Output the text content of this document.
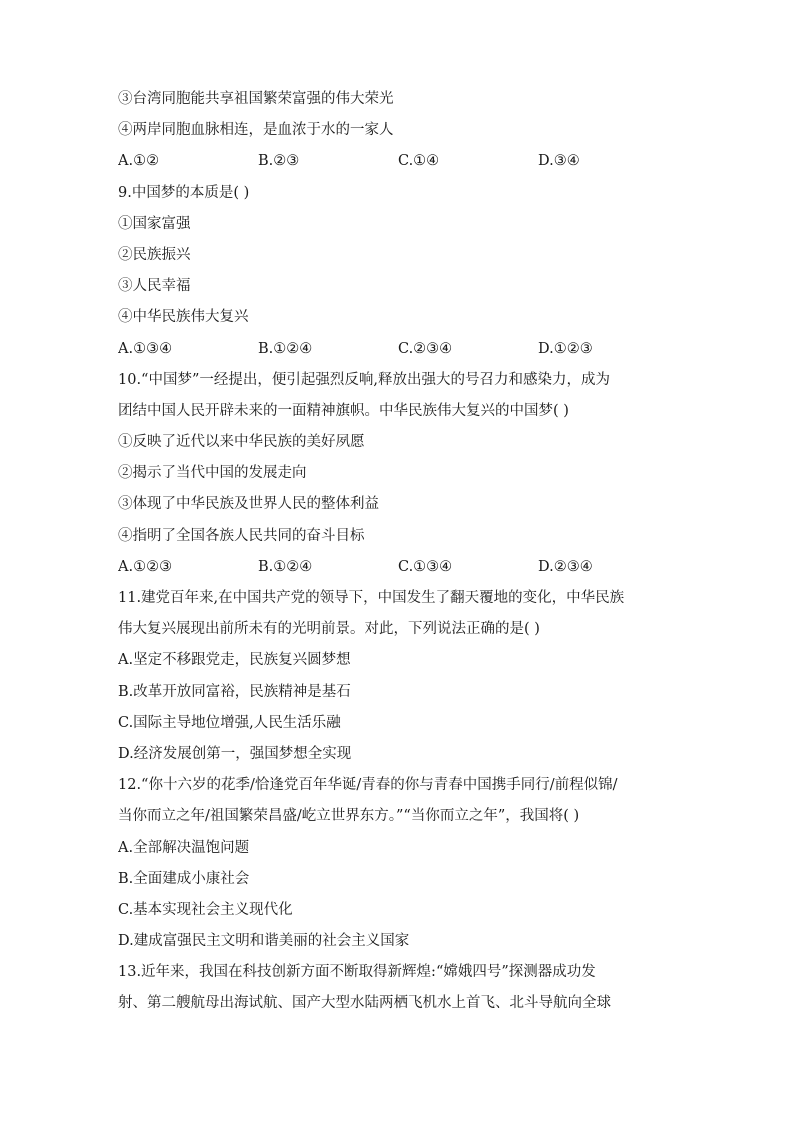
③台湾同胞能共享祖国繁荣富强的伟大荣光
④两岸同胞血脉相连，是血浓于水的一家人
A.①②	B.②③	C.①④	D.③④
9.中国梦的本质是( )
①国家富强
②民族振兴
③人民幸福
④中华民族伟大复兴
A.①③④	B.①②④	C.②③④	D.①②③
10.“中国梦”一经提出，便引起强烈反响,释放出强大的号召力和感染力，成为
团结中国人民开辟未来的一面精神旗帜。中华民族伟大复兴的中国梦( )
①反映了近代以来中华民族的美好夙愿
②揭示了当代中国的发展走向
③体现了中华民族及世界人民的整体利益
④指明了全国各族人民共同的奋斗目标
A.①②③	B.①②④	C.①③④	D.②③④
11.建党百年来,在中国共产党的领导下，中国发生了翻天覆地的变化，中华民族
伟大复兴展现出前所未有的光明前景。对此，下列说法正确的是( )
A.坚定不移跟党走，民族复兴圆梦想
B.改革开放同富裕，民族精神是基石
C.国际主导地位增强,人民生活乐融
D.经济发展创第一，强国梦想全实现
12.“你十六岁的花季/恰逢党百年华诞/青春的你与青春中国携手同行/前程似锦/
当你而立之年/祖国繁荣昌盛/屹立世界东方。”“当你而立之年”，我国将( )
A.全部解决温饱问题
B.全面建成小康社会
C.基本实现社会主义现代化
D.建成富强民主文明和谐美丽的社会主义国家
13.近年来，我国在科技创新方面不断取得新辉煌:“嫦娥四号”探测器成功发
射、第二艘航母出海试航、国产大型水陆两栖飞机水上首飞、北斗导航向全球
